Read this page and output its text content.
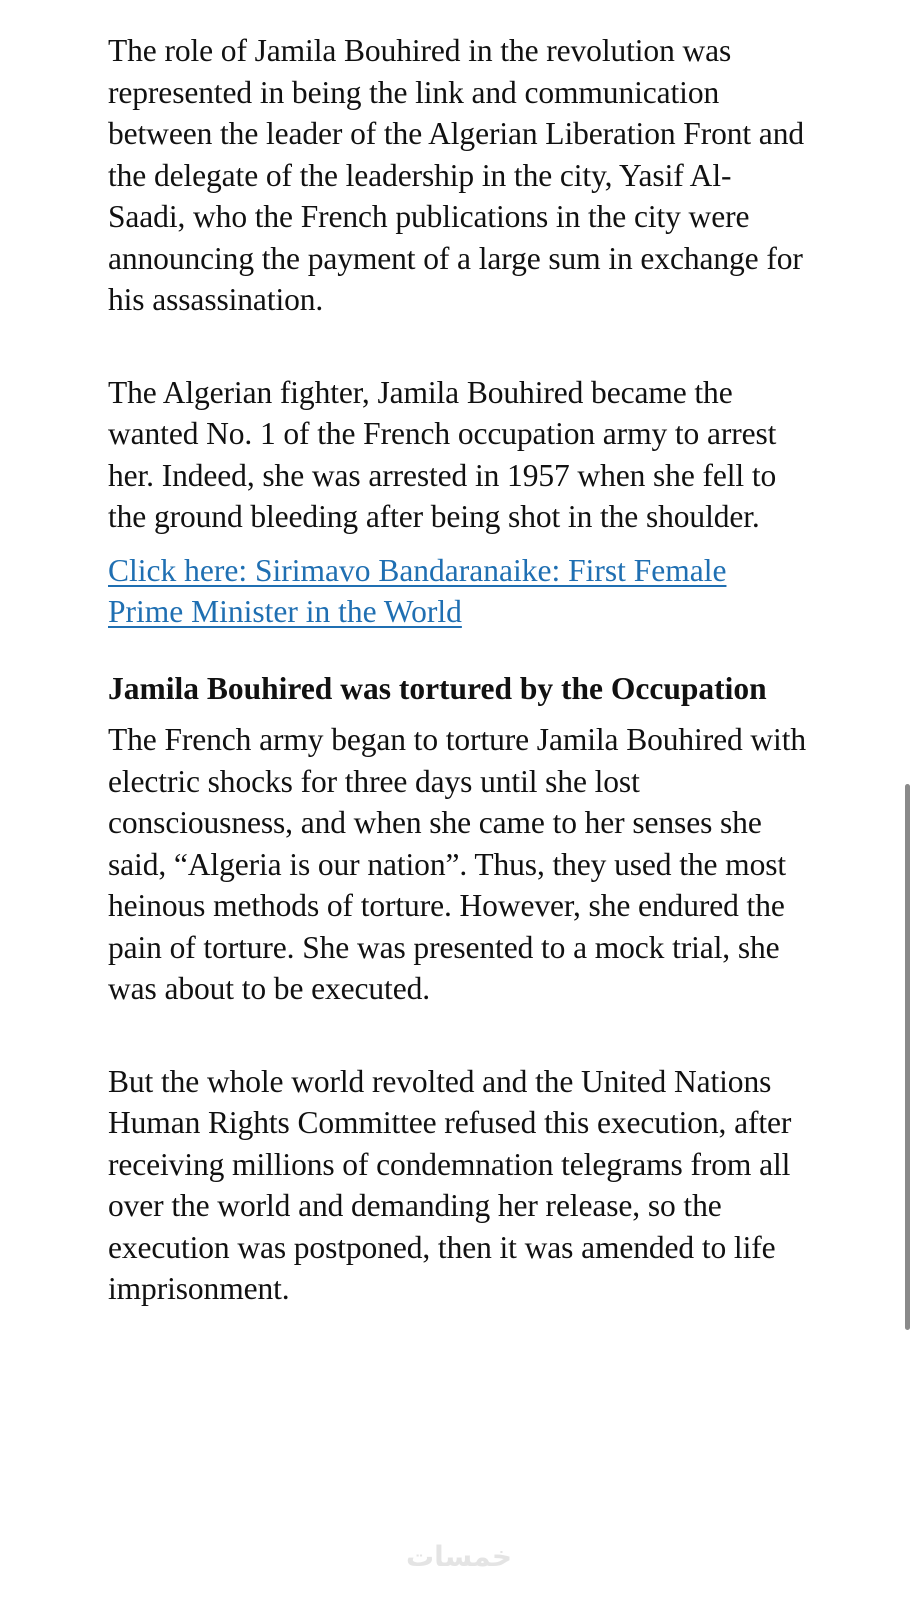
The role of Jamila Bouhired in the revolution was represented in being the link and communication between the leader of the Algerian Liberation Front and the delegate of the leadership in the city, Yasif Al-Saadi, who the French publications in the city were announcing the payment of a large sum in exchange for his assassination.

The Algerian fighter, Jamila Bouhired became the wanted No. 1 of the French occupation army to arrest her. Indeed, she was arrested in 1957 when she fell to the ground bleeding after being shot in the shoulder.

Click here: Sirimavo Bandaranaike: First Female Prime Minister in the World
Jamila Bouhired was tortured by the Occupation

The French army began to torture Jamila Bouhired with electric shocks for three days until she lost consciousness, and when she came to her senses she said, “Algeria is our nation”. Thus, they used the most heinous methods of torture. However, she endured the pain of torture. She was presented to a mock trial, she was about to be executed.

But the whole world revolted and the United Nations Human Rights Committee refused this execution, after receiving millions of condemnation telegrams from all over the world and demanding her release, so the execution was postponed, then it was amended to life imprisonment.

خمسات
